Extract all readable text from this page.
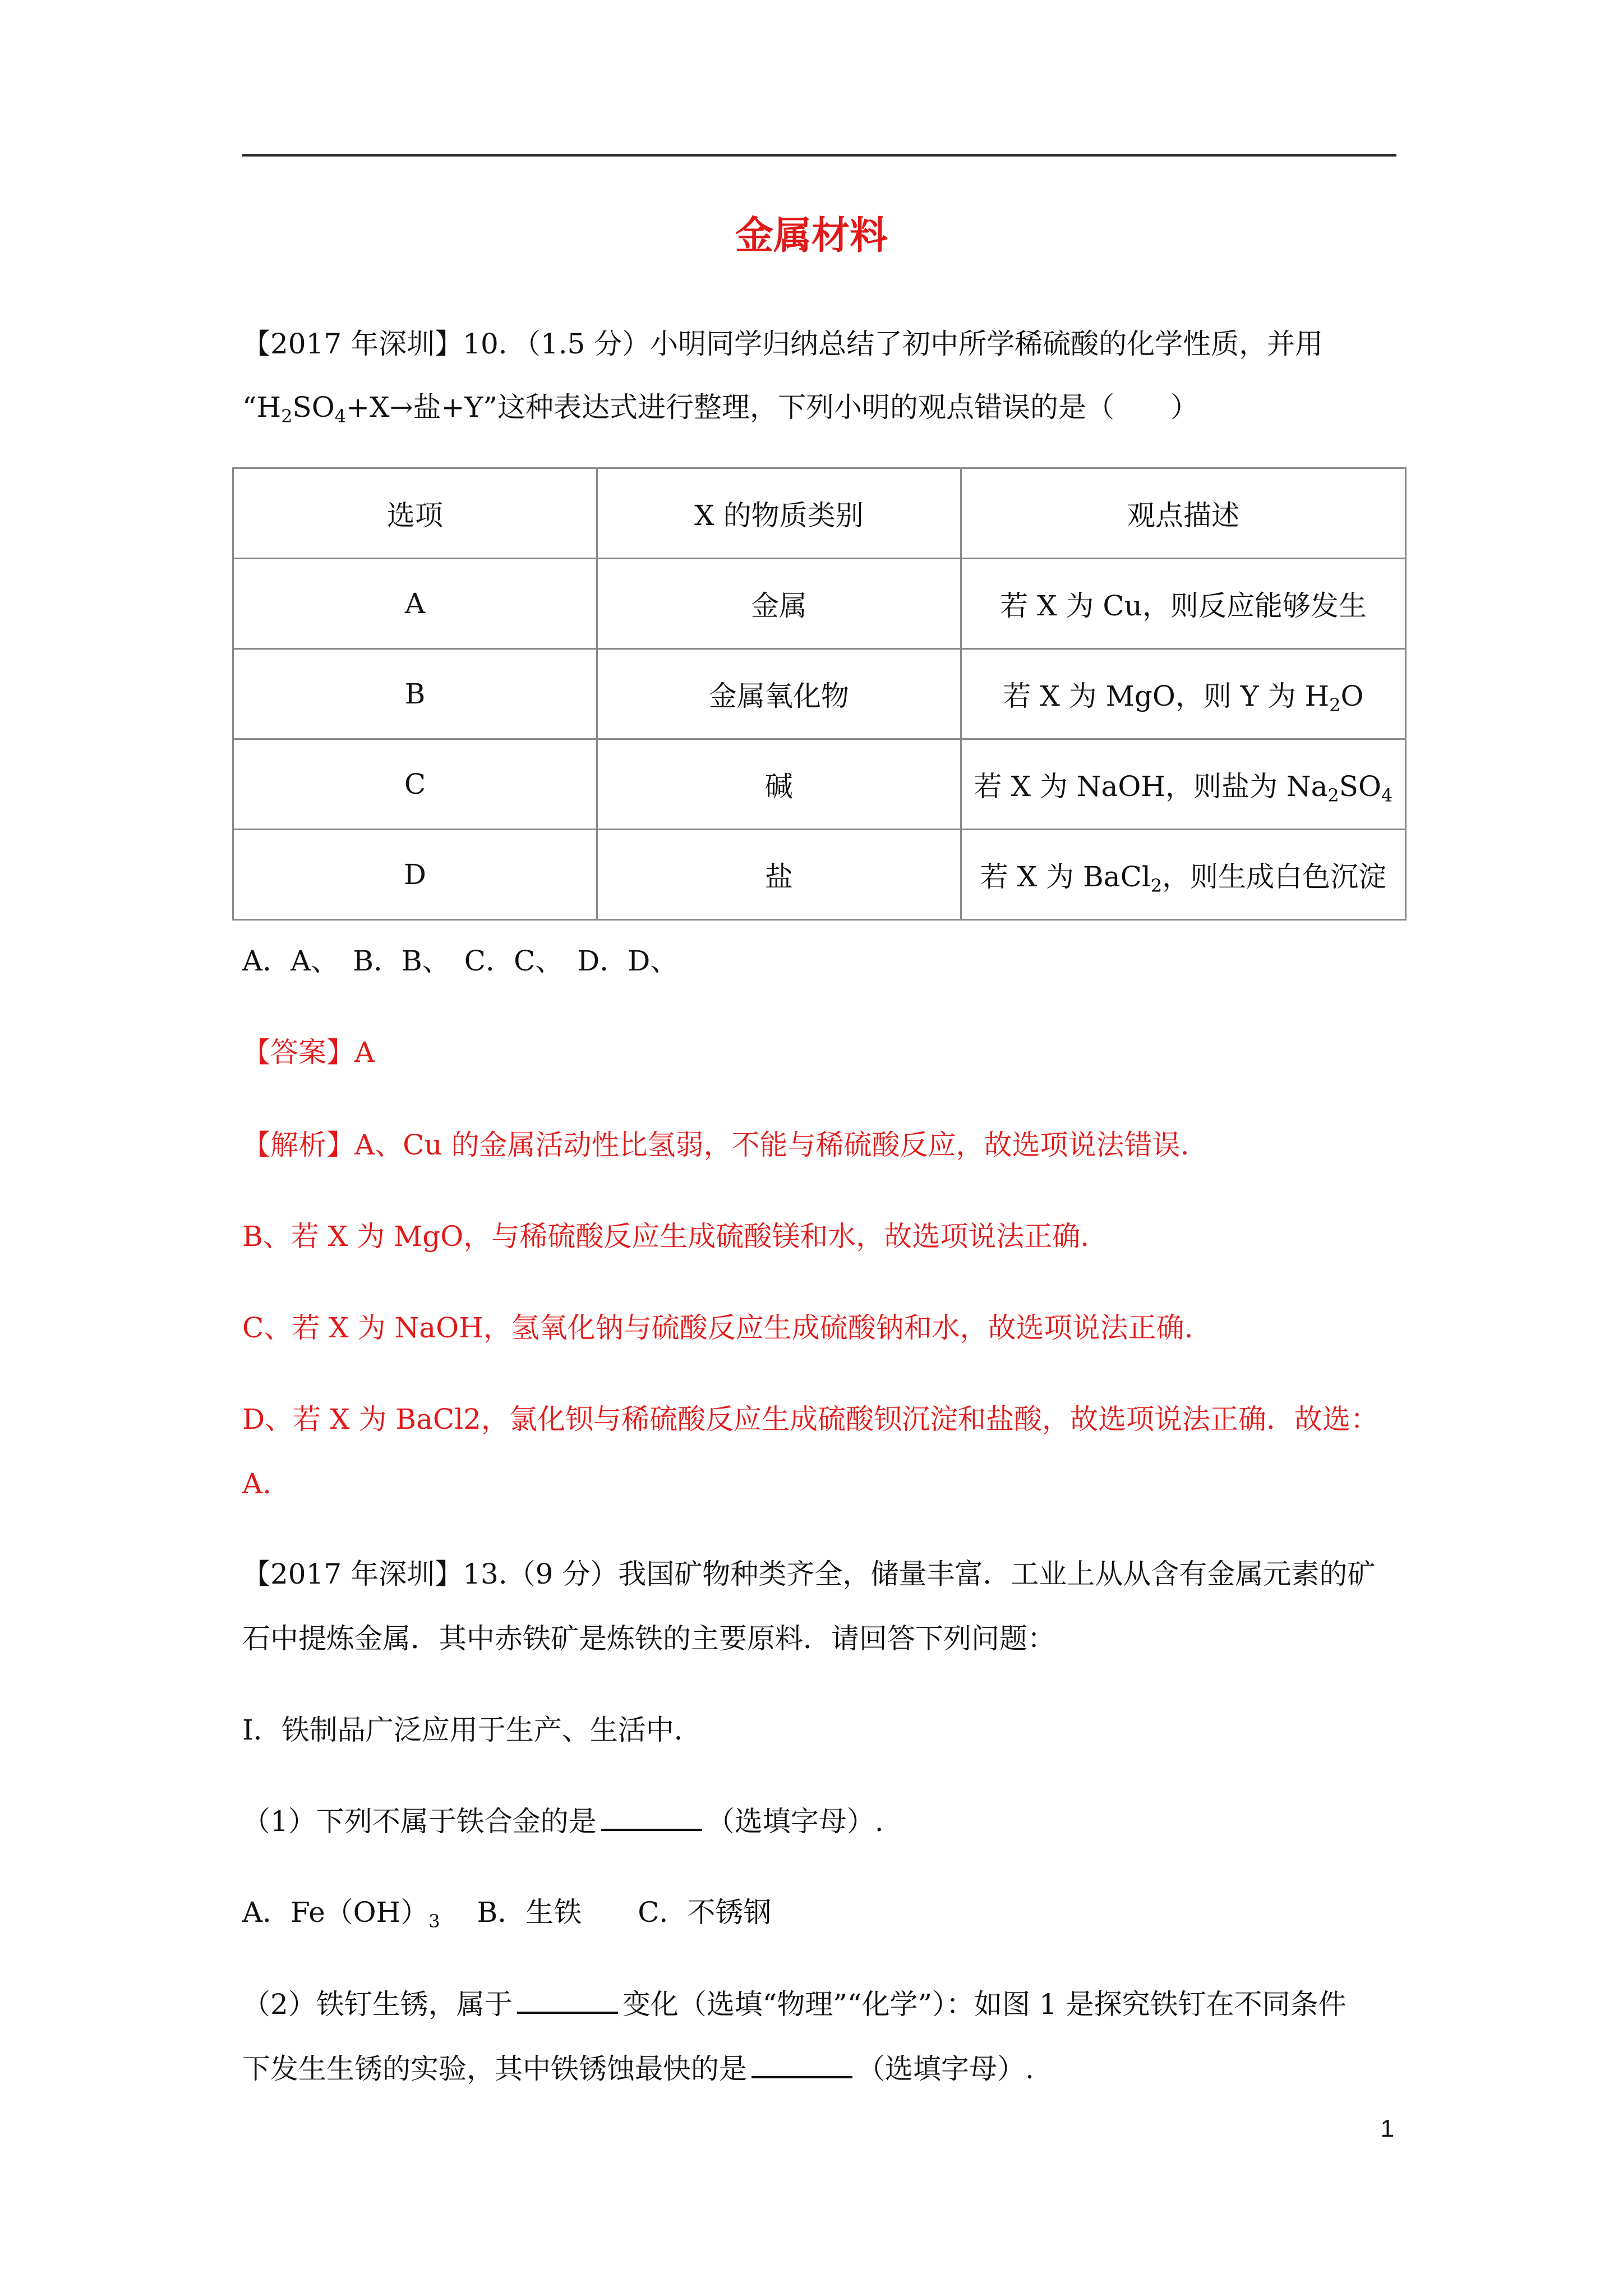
金属材料
【2017 年深圳】10．（1.5 分）小明同学归纳总结了初中所学稀硫酸的化学性质，并用
“$H_2SO_4+X\to$盐+Y”这种表达式进行整理，下列小明的观点错误的是（　　）
选项	X 的物质类别	观点描述
A	金属	若 X 为 Cu，则反应能够发生
B	金属氧化物	若 X 为 MgO，则 Y 为 $H_2O$
C	碱	若 X 为 NaOH，则盐为 $Na_2SO_4$
D	盐	若 X 为 BaCl$_2$，则生成白色沉淀
A．A、　B．B、　C．C、　D．D、
【答案】A
【解析】A、Cu 的金属活动性比氢弱，不能与稀硫酸反应，故选项说法错误.
B、若 X 为 MgO，与稀硫酸反应生成硫酸镁和水，故选项说法正确.
C、若 X 为 NaOH，氢氧化钠与硫酸反应生成硫酸钠和水，故选项说法正确.
D、若 X 为 BaCl2，氯化钡与稀硫酸反应生成硫酸钡沉淀和盐酸，故选项说法正确．故选：
A.
【2017 年深圳】13.（9 分）我国矿物种类齐全，储量丰富．工业上从从含有金属元素的矿
石中提炼金属．其中赤铁矿是炼铁的主要原料．请回答下列问题：
I．铁制品广泛应用于生产、生活中．
（1）下列不属于铁合金的是	（选填字母）.
A．$Fe(OH)_3$　 B．生铁　　C．不锈钢
（2）铁钉生锈，属于	变化（选填“物理”“化学”）：如图 1 是探究铁钉在不同条件
下发生生锈的实验，其中铁锈蚀最快的是	（选填字母）.
1
